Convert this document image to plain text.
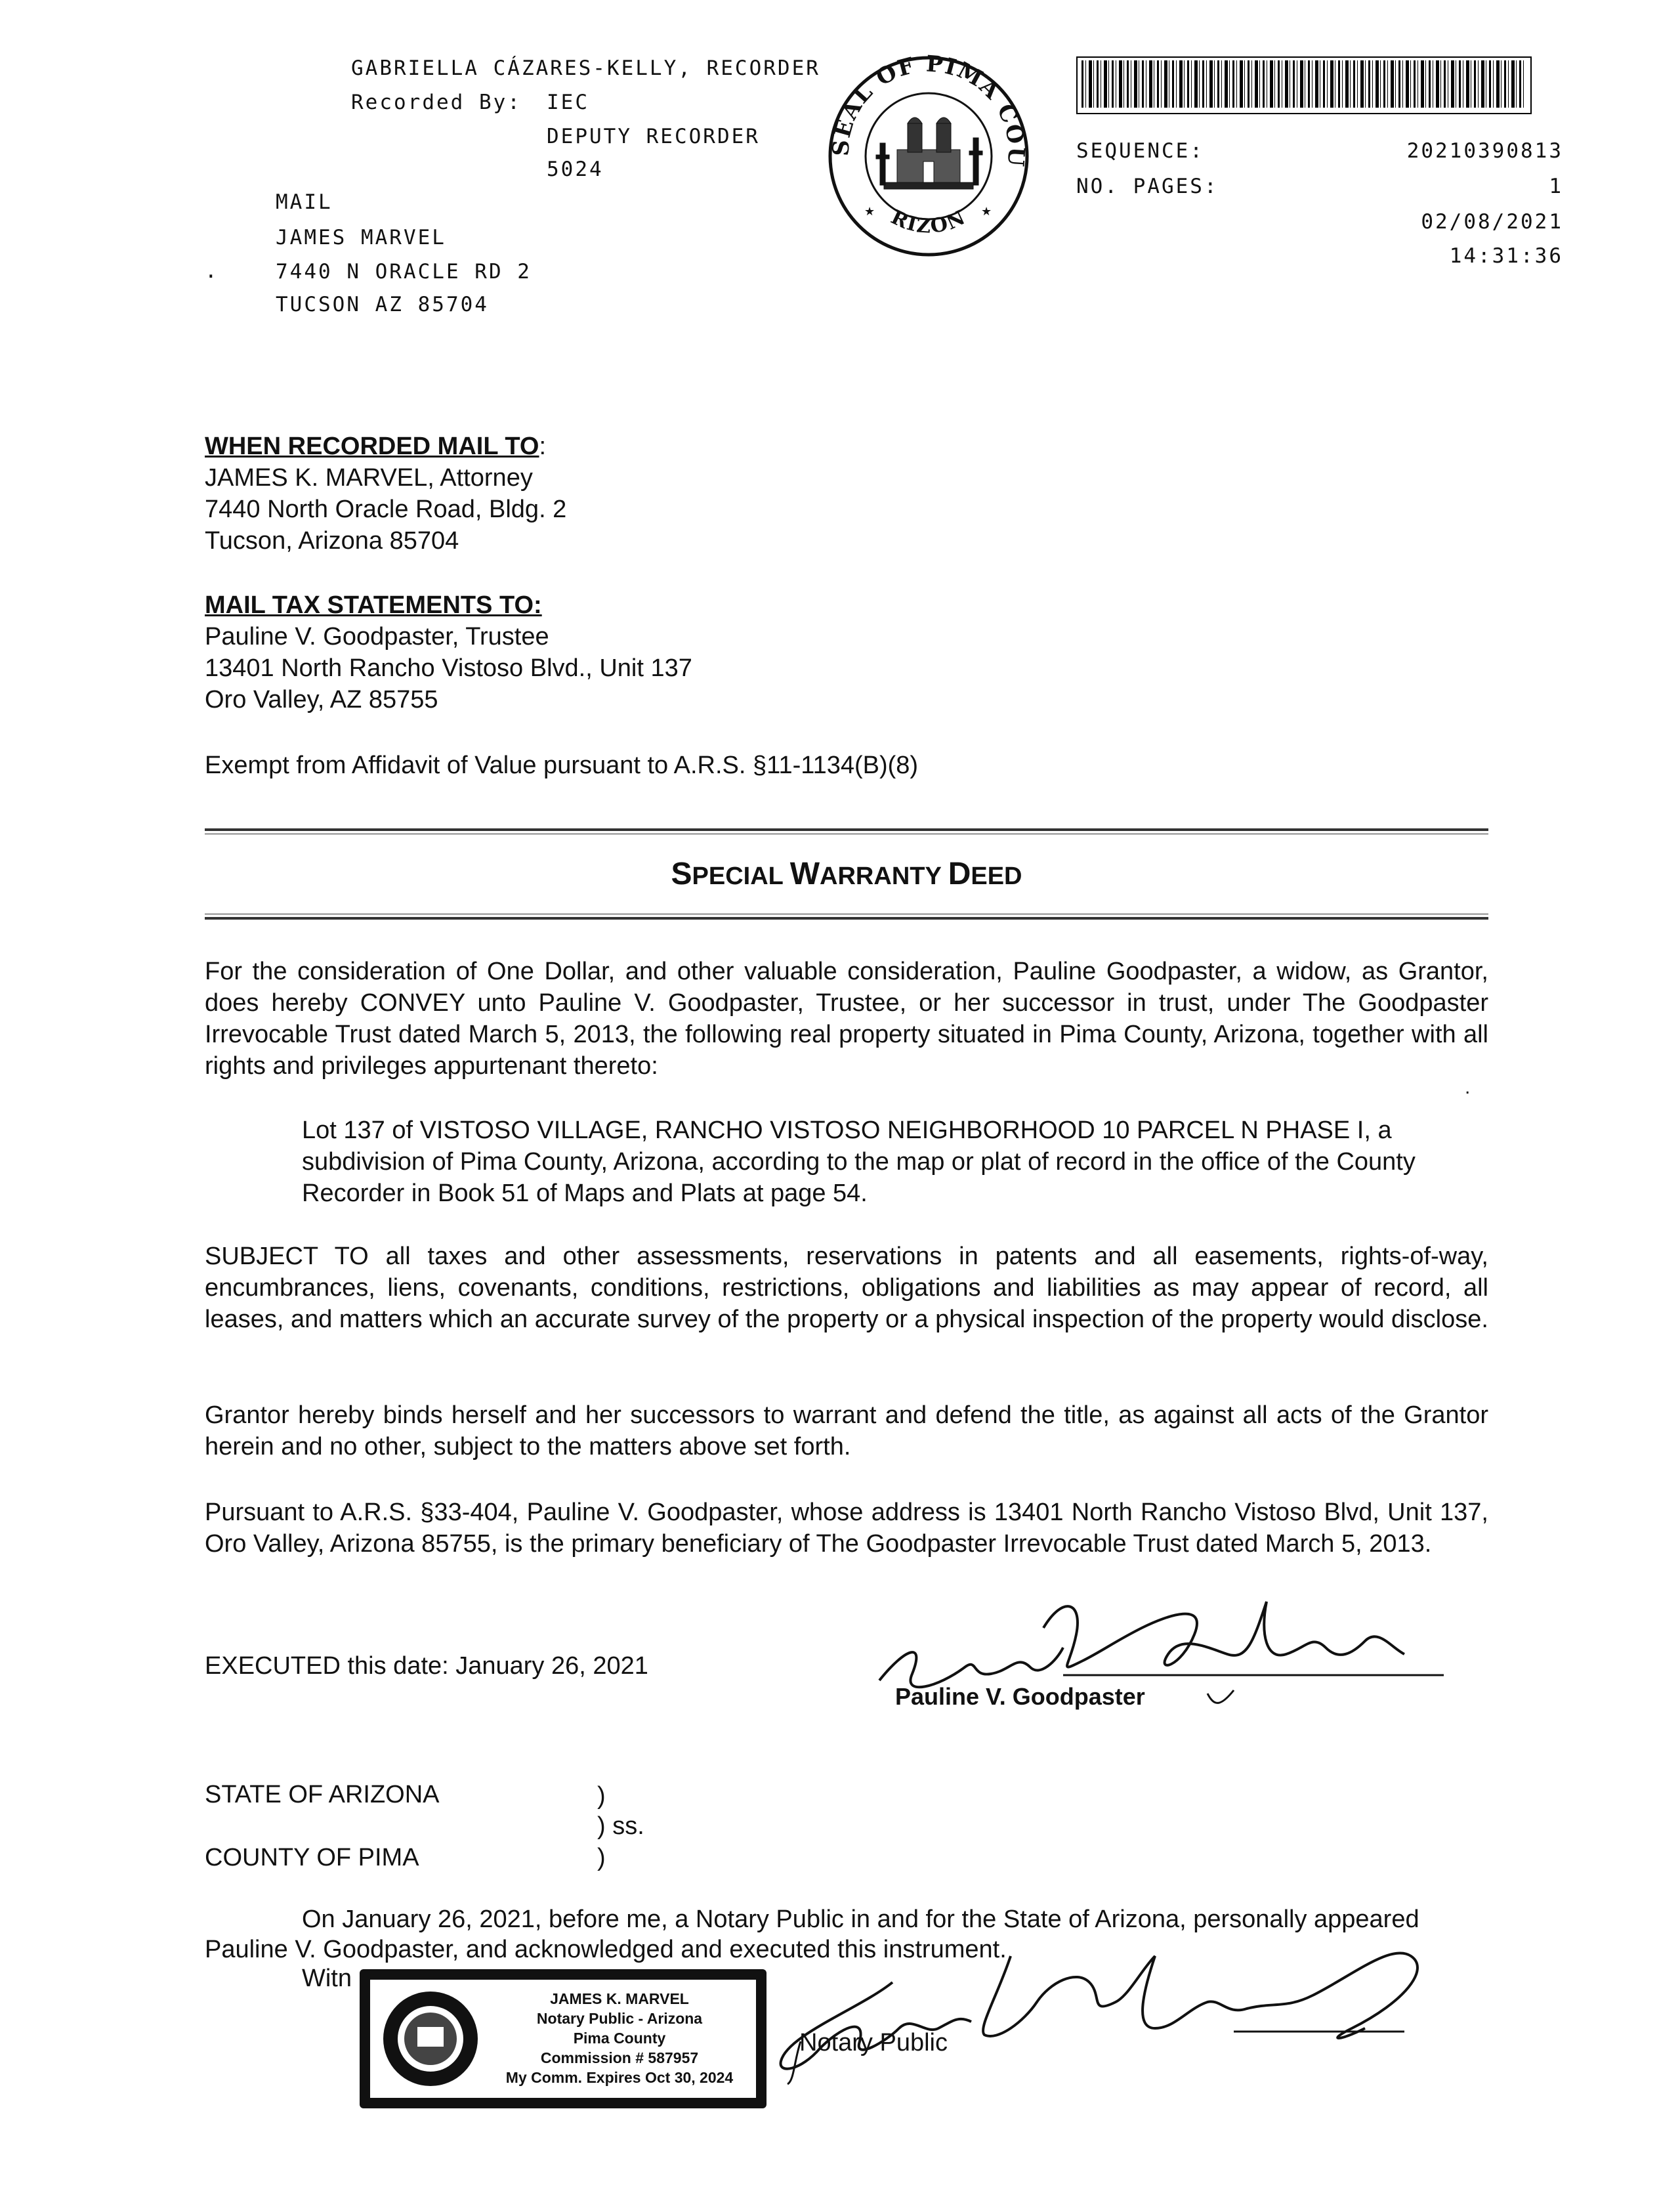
GABRIELLA CÁZARES-KELLY, RECORDER
Recorded By: IEC
DEPUTY RECORDER
5024
MAIL
JAMES MARVEL
.	7440 N ORACLE RD 2
TUCSON AZ 85704
SEAL OF PIMA COU
RIZON
★	★
SEQUENCE:	20210390813
NO. PAGES:	1
02/08/2021
14:31:36
WHEN RECORDED MAIL TO:
JAMES K. MARVEL, Attorney
7440 North Oracle Road, Bldg. 2
Tucson, Arizona 85704
MAIL TAX STATEMENTS TO:
Pauline V. Goodpaster, Trustee
13401 North Rancho Vistoso Blvd., Unit 137
Oro Valley, AZ 85755
Exempt from Affidavit of Value pursuant to A.R.S. §11-1134(B)(8)
SPECIAL WARRANTY DEED
For the consideration of One Dollar, and other valuable consideration, Pauline Goodpaster, a widow, as Grantor, does hereby CONVEY unto Pauline V. Goodpaster, Trustee, or her successor in trust, under The Goodpaster Irrevocable Trust dated March 5, 2013, the following real property situated in Pima County, Arizona, together with all rights and privileges appurtenant thereto:
.
Lot 137 of VISTOSO VILLAGE, RANCHO VISTOSO NEIGHBORHOOD 10 PARCEL N PHASE I, a subdivision of Pima County, Arizona, according to the map or plat of record in the office of the County Recorder in Book 51 of Maps and Plats at page 54.
SUBJECT TO all taxes and other assessments, reservations in patents and all easements, rights-of-way, encumbrances, liens, covenants, conditions, restrictions, obligations and liabilities as may appear of record, all leases, and matters which an accurate survey of the property or a physical inspection of the property would disclose.
Grantor hereby binds herself and her successors to warrant and defend the title, as against all acts of the Grantor herein and no other, subject to the matters above set forth.
Pursuant to A.R.S. §33-404, Pauline V. Goodpaster, whose address is 13401 North Rancho Vistoso Blvd, Unit 137, Oro Valley, Arizona 85755, is the primary beneficiary of The Goodpaster Irrevocable Trust dated March 5, 2013.
EXECUTED this date: January 26, 2021
Pauline V. Goodpaster
STATE OF ARIZONA	)
) ss.
COUNTY OF PIMA	)
On January 26, 2021, before me, a Notary Public in and for the State of Arizona, personally appeared
Pauline V. Goodpaster, and acknowledged and executed this instrument.
Witn
JAMES K. MARVEL
Notary Public - Arizona
Pima County
Commission # 587957
My Comm. Expires Oct 30, 2024
Notary Public
